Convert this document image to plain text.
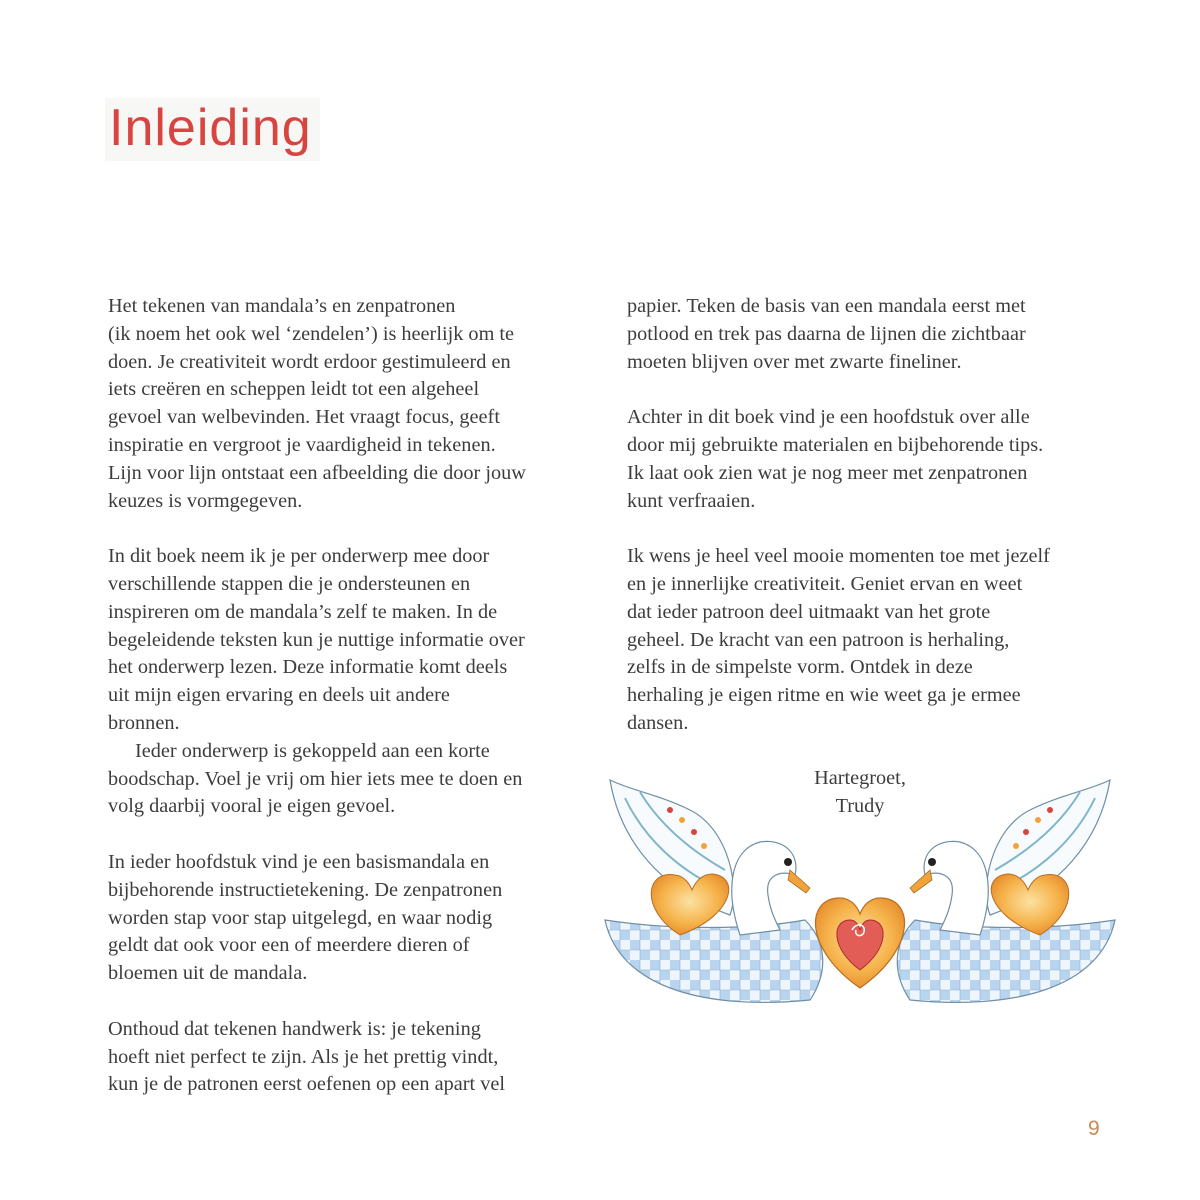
Inleiding
Het tekenen van mandala’s en zenpatronen
(ik noem het ook wel ‘zendelen’) is heerlijk om te
doen. Je creativiteit wordt erdoor gestimuleerd en
iets creëren en scheppen leidt tot een algeheel
gevoel van welbevinden. Het vraagt focus, geeft
inspiratie en vergroot je vaardigheid in tekenen.
Lijn voor lijn ontstaat een afbeelding die door jouw
keuzes is vormgegeven.
In dit boek neem ik je per onderwerp mee door
verschillende stappen die je ondersteunen en
inspireren om de mandala’s zelf te maken. In de
begeleidende teksten kun je nuttige informatie over
het onderwerp lezen. Deze informatie komt deels
uit mijn eigen ervaring en deels uit andere
bronnen.
Ieder onderwerp is gekoppeld aan een korte
boodschap. Voel je vrij om hier iets mee te doen en
volg daarbij vooral je eigen gevoel.
In ieder hoofdstuk vind je een basismandala en
bijbehorende instructietekening. De zenpatronen
worden stap voor stap uitgelegd, en waar nodig
geldt dat ook voor een of meerdere dieren of
bloemen uit de mandala.
Onthoud dat tekenen handwerk is: je tekening
hoeft niet perfect te zijn. Als je het prettig vindt,
kun je de patronen eerst oefenen op een apart vel
papier. Teken de basis van een mandala eerst met
potlood en trek pas daarna de lijnen die zichtbaar
moeten blijven over met zwarte fineliner.
Achter in dit boek vind je een hoofdstuk over alle
door mij gebruikte materialen en bijbehorende tips.
Ik laat ook zien wat je nog meer met zenpatronen
kunt verfraaien.
Ik wens je heel veel mooie momenten toe met jezelf
en je innerlijke creativiteit. Geniet ervan en weet
dat ieder patroon deel uitmaakt van het grote
geheel. De kracht van een patroon is herhaling,
zelfs in de simpelste vorm. Ontdek in deze
herhaling je eigen ritme en wie weet ga je ermee
dansen.
Hartegroet,
Trudy
9
